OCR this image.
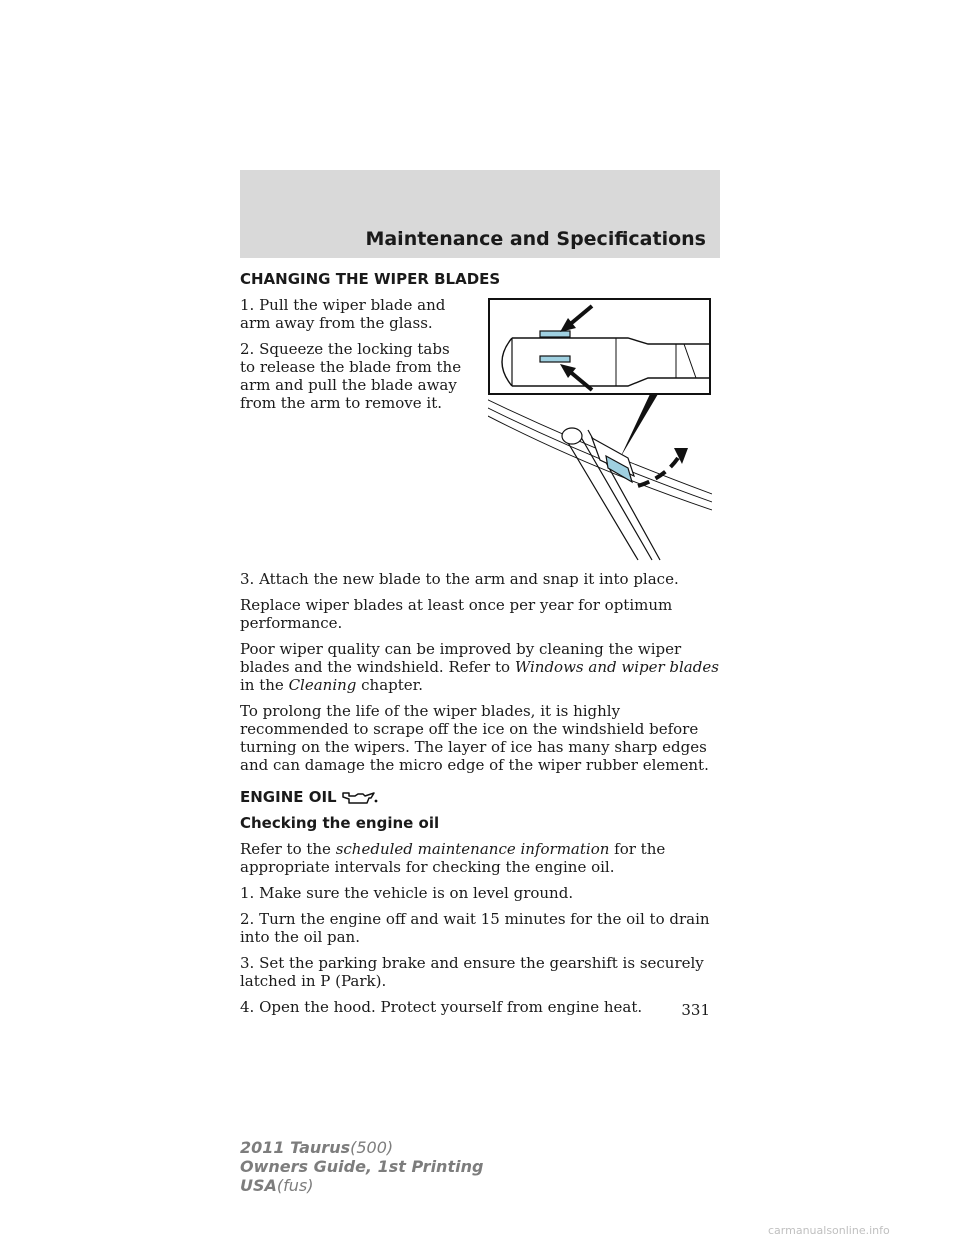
Maintenance and Specifications
CHANGING THE WIPER BLADES

1. Pull the wiper blade and arm away from the glass.

2. Squeeze the locking tabs to release the blade from the arm and pull the blade away from the arm to remove it.

3. Attach the new blade to the arm and snap it into place.

Replace wiper blades at least once per year for optimum performance.

Poor wiper quality can be improved by cleaning the wiper blades and the windshield. Refer to Windows and wiper blades in the Cleaning chapter.

To prolong the life of the wiper blades, it is highly recommended to scrape off the ice on the windshield before turning on the wipers. The layer of ice has many sharp edges and can damage the micro edge of the wiper rubber element.

ENGINE OIL
Checking the engine oil

Refer to the scheduled maintenance information for the appropriate intervals for checking the engine oil.

1. Make sure the vehicle is on level ground.

2. Turn the engine off and wait 15 minutes for the oil to drain into the oil pan.

3. Set the parking brake and ensure the gearshift is securely latched in P (Park).

4. Open the hood. Protect yourself from engine heat.	331
2011 Taurus(500)
Owners Guide, 1st Printing
USA(fus)
carmanualsonline.info
